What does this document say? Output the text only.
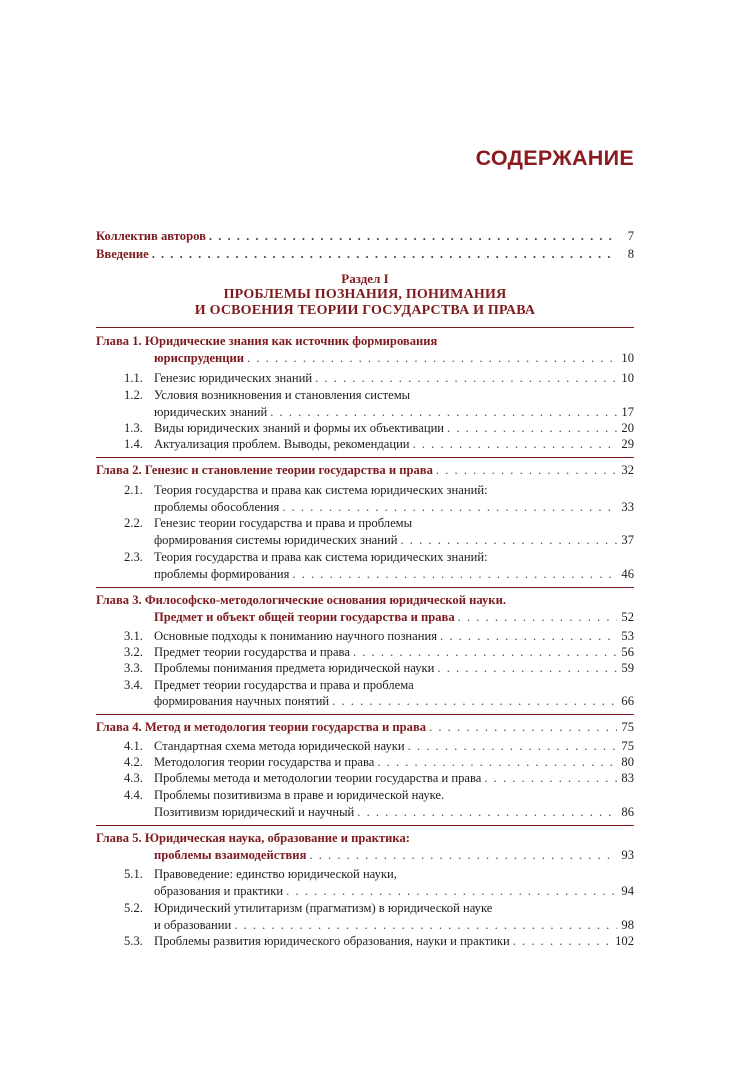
СОДЕРЖАНИЕ
Коллектив авторов . . .	7
Введение . . .	8
Раздел I
ПРОБЛЕМЫ ПОЗНАНИЯ, ПОНИМАНИЯ
И ОСВОЕНИЯ ТЕОРИИ ГОСУДАРСТВА И ПРАВА
Глава 1.
Юридические знания как источник формирования
юриспруденции . . .	10
1.1. Генезис юридических знаний . . .	10
1.2. Условия возникновения и становления системы
юридических знаний . . .	17
1.3. Виды юридических знаний и формы их объективации . . .	20
1.4. Актуализация проблем. Выводы, рекомендации . . .	29
Глава 2.
Генезис и становление теории государства и права . . .	32
2.1. Теория государства и права как система юридических знаний:
проблемы обособления . . .	33
2.2. Генезис теории государства и права и проблемы
формирования системы юридических знаний . . .	37
2.3. Теория государства и права как система юридических знаний:
проблемы формирования . . .	46
Глава 3.
Философско-методологические основания юридической науки.
Предмет и объект общей теории государства и права . . .	52
3.1. Основные подходы к пониманию научного познания . . .	53
3.2. Предмет теории государства и права . . .	56
3.3. Проблемы понимания предмета юридической науки . . .	59
3.4. Предмет теории государства и права и проблема
формирования научных понятий . . .	66
Глава 4.
Метод и методология теории государства и права . . .	75
4.1. Стандартная схема метода юридической науки . . .	75
4.2. Методология теории государства и права . . .	80
4.3. Проблемы метода и методологии теории государства и права . . .	83
4.4. Проблемы позитивизма в праве и юридической науке.
Позитивизм юридический и научный . . .	86
Глава 5.
Юридическая наука, образование и практика:
проблемы взаимодействия . . .	93
5.1. Правоведение: единство юридической науки,
образования и практики . . .	94
5.2. Юридический утилитаризм (прагматизм) в юридической науке
и образовании . . .	98
5.3. Проблемы развития юридического образования, науки и практики . . .	102
